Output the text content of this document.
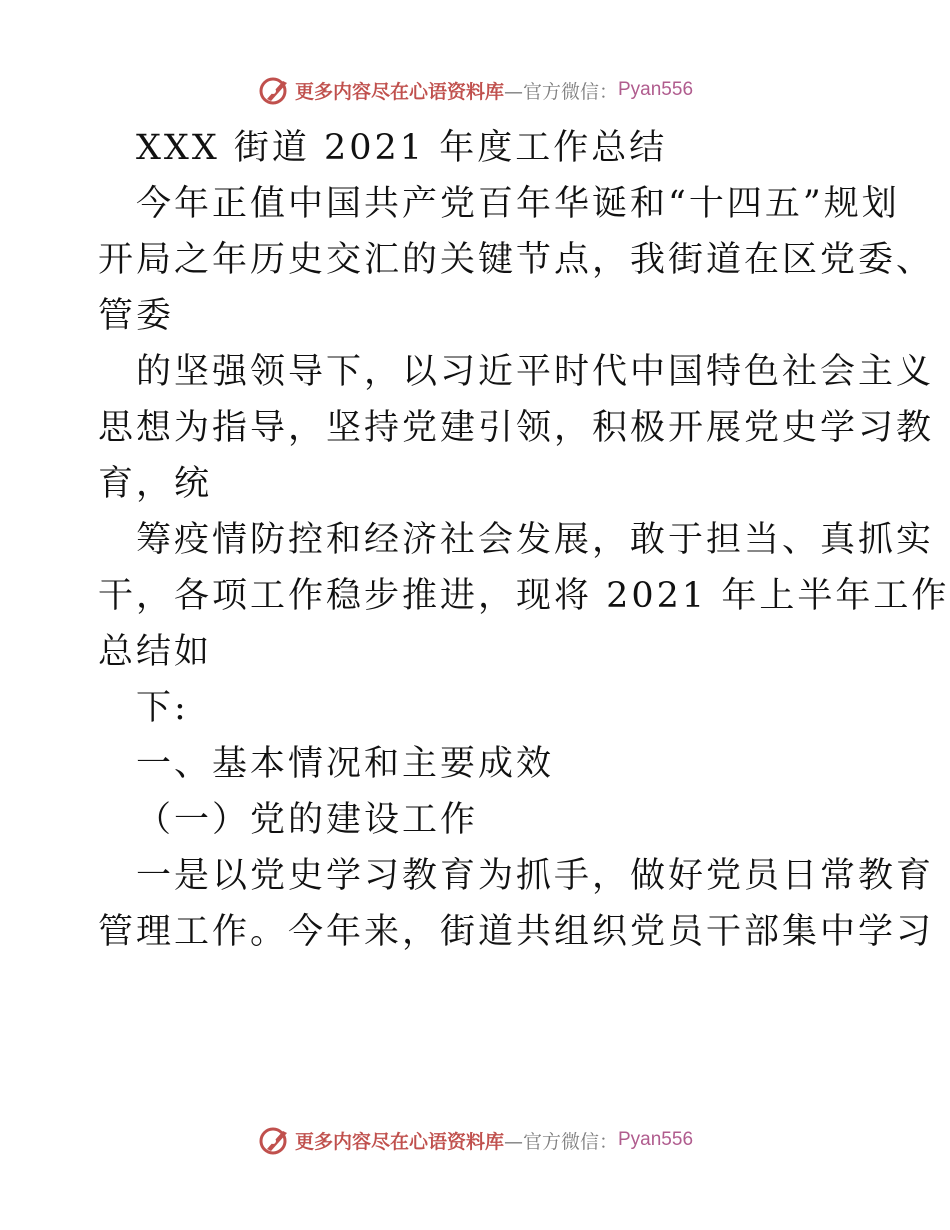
更多内容尽在心语资料库 —官方微信： Pyan556
XXX 街道 2021 年度工作总结
今年正值中国共产党百年华诞和“十四五”规划
开局之年历史交汇的关键节点，我街道在区党委、
管委
的坚强领导下，以习近平时代中国特色社会主义
思想为指导，坚持党建引领，积极开展党史学习教
育，统
筹疫情防控和经济社会发展，敢于担当、真抓实
干，各项工作稳步推进，现将 2021 年上半年工作
总结如
下:
一、基本情况和主要成效
（一）党的建设工作
一是以党史学习教育为抓手，做好党员日常教育
管理工作。今年来，街道共组织党员干部集中学习
更多内容尽在心语资料库 —官方微信： Pyan556
